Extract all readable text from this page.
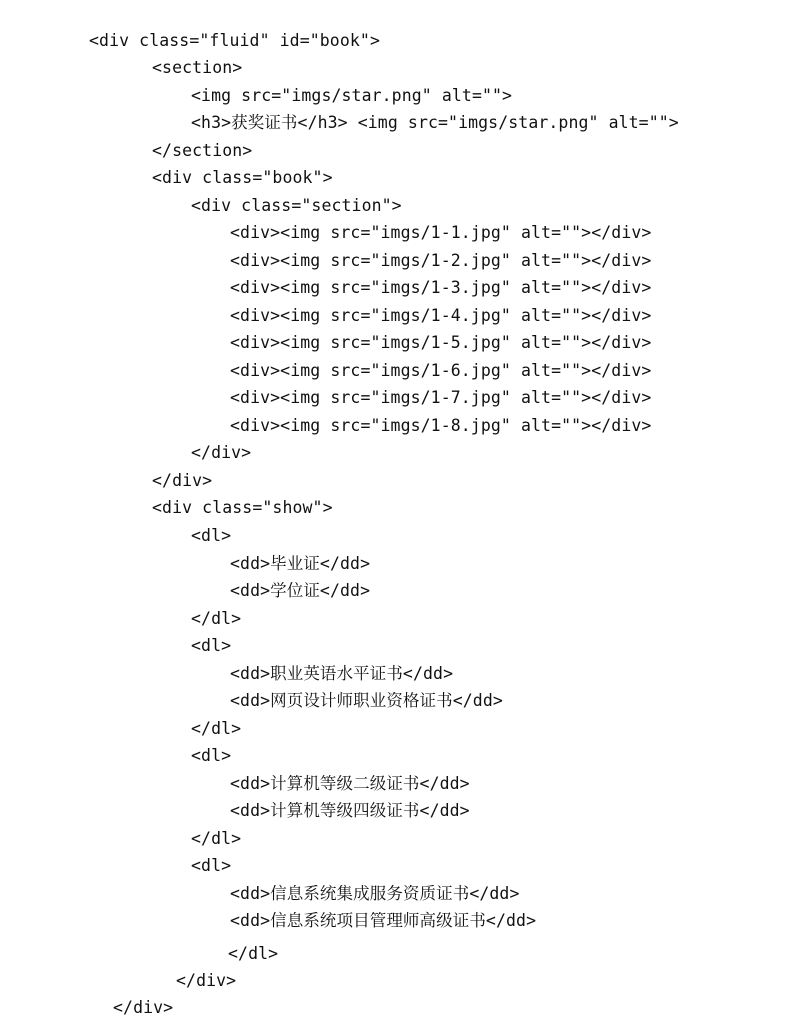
<div class="fluid" id="book">
<section>
<img src="imgs/star.png" alt="">
<h3>获奖证书</h3> <img src="imgs/star.png" alt="">
</section>
<div class="book">
<div class="section">
<div><img src="imgs/1-1.jpg" alt=""></div>
<div><img src="imgs/1-2.jpg" alt=""></div>
<div><img src="imgs/1-3.jpg" alt=""></div>
<div><img src="imgs/1-4.jpg" alt=""></div>
<div><img src="imgs/1-5.jpg" alt=""></div>
<div><img src="imgs/1-6.jpg" alt=""></div>
<div><img src="imgs/1-7.jpg" alt=""></div>
<div><img src="imgs/1-8.jpg" alt=""></div>
</div>
</div>
<div class="show">
<dl>
<dd>毕业证</dd>
<dd>学位证</dd>
</dl>
<dl>
<dd>职业英语水平证书</dd>
<dd>网页设计师职业资格证书</dd>
</dl>
<dl>
<dd>计算机等级二级证书</dd>
<dd>计算机等级四级证书</dd>
</dl>
<dl>
<dd>信息系统集成服务资质证书</dd>
<dd>信息系统项目管理师高级证书</dd>
</dl>
</div>
</div>
